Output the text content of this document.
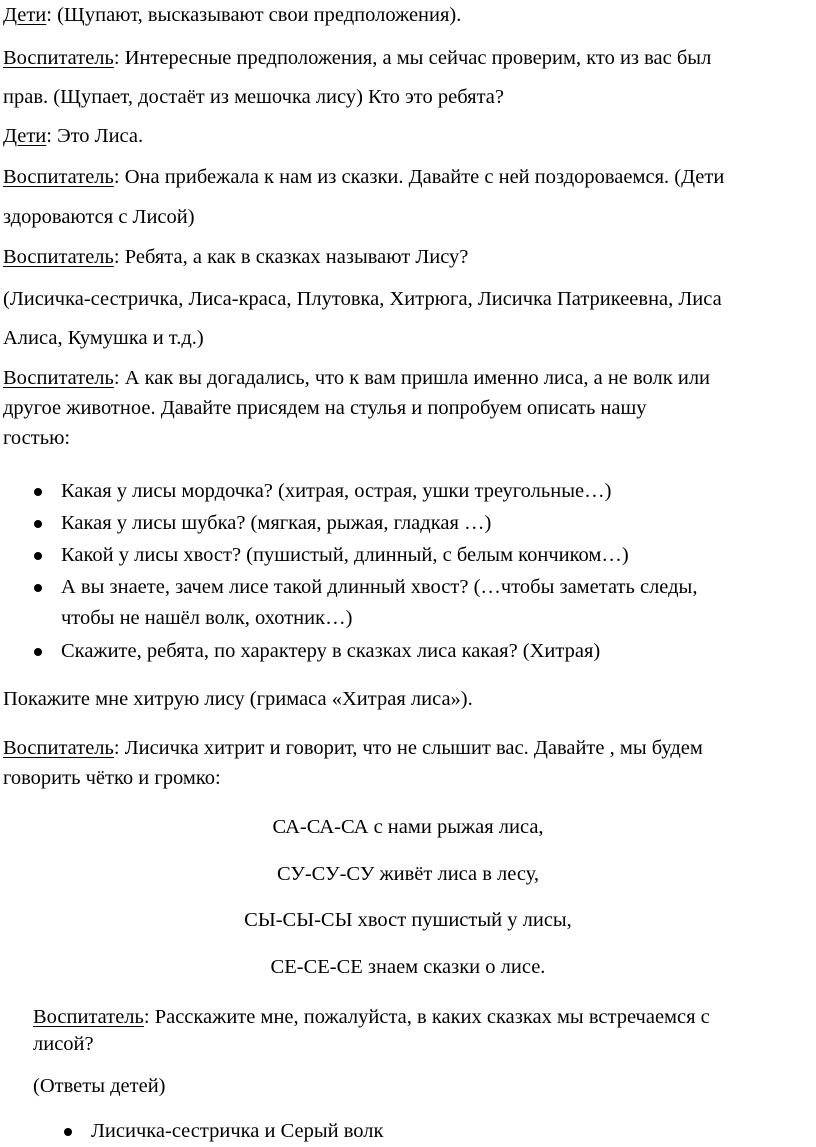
Дети: (Щупают, высказывают свои предположения).
Воспитатель: Интересные предположения, а мы сейчас проверим, кто из вас был
прав. (Щупает, достаёт из мешочка лису) Кто это ребята?
Дети: Это Лиса.
Воспитатель: Она прибежала к нам из сказки. Давайте с ней поздороваемся. (Дети
здороваются с Лисой)
Воспитатель: Ребята, а как в сказках называют Лису?
(Лисичка-сестричка, Лиса-краса, Плутовка, Хитрюга, Лисичка Патрикеевна, Лиса
Алиса, Кумушка и т.д.)
Воспитатель: А как вы догадались, что к вам пришла именно лиса, а не волк или
другое животное. Давайте присядем на стулья и попробуем описать нашу
гостью:
Какая у лисы мордочка? (хитрая, острая, ушки треугольные…)
Какая у лисы шубка? (мягкая, рыжая, гладкая …)
Какой у лисы хвост? (пушистый, длинный, с белым кончиком…)
А вы знаете, зачем лисе такой длинный хвост? (…чтобы заметать следы,
чтобы не нашёл волк, охотник…)
Скажите, ребята, по характеру в сказках лиса какая? (Хитрая)
Покажите мне хитрую лису (гримаса «Хитрая лиса»).
Воспитатель: Лисичка хитрит и говорит, что не слышит вас. Давайте , мы будем
говорить чётко и громко:
СА-СА-СА с нами рыжая лиса,
СУ-СУ-СУ живёт лиса в лесу,
СЫ-СЫ-СЫ хвост пушистый у лисы,
СЕ-СЕ-СЕ знаем сказки о лисе.
Воспитатель: Расскажите мне, пожалуйста, в каких сказках мы встречаемся с
лисой?
(Ответы детей)
Лисичка-сестричка и Серый волк
